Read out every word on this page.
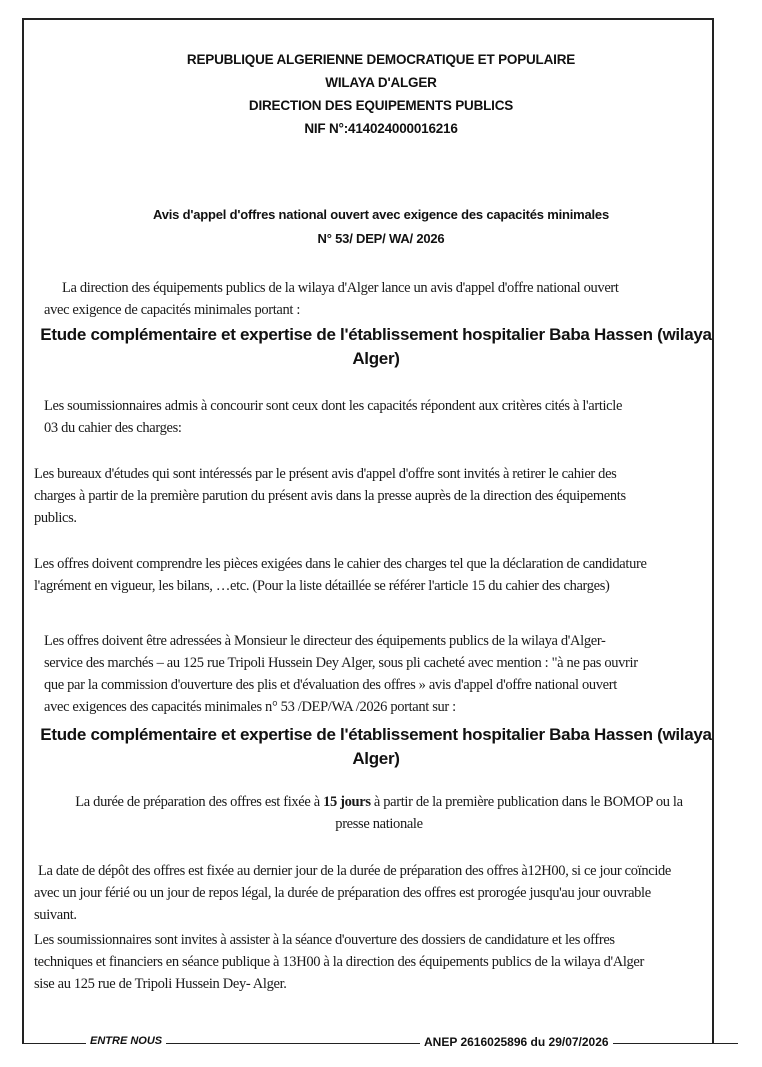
REPUBLIQUE ALGERIENNE DEMOCRATIQUE ET POPULAIRE
WILAYA D'ALGER
DIRECTION DES EQUIPEMENTS PUBLICS
NIF N°:414024000016216
Avis d'appel d'offres national ouvert avec exigence des capacités minimales
N° 53/ DEP/ WA/ 2026
La direction des équipements publics de la wilaya d'Alger lance un avis d'appel d'offre national ouvert
avec exigence de capacités minimales portant :
Etude complémentaire et expertise de l'établissement hospitalier Baba Hassen (wilaya
Alger)
Les soumissionnaires admis à concourir sont ceux dont les capacités répondent aux critères cités à l'article
03 du cahier des charges:
Les bureaux d'études qui sont intéressés par le présent avis d'appel d'offre sont invités à retirer le cahier des
charges à partir de la première parution du présent avis dans la presse auprès de la direction des équipements
publics.
Les offres doivent comprendre les pièces exigées dans le cahier des charges tel que la déclaration de candidature
l'agrément en vigueur, les bilans, …etc. (Pour la liste détaillée se référer l'article 15 du cahier des charges)
Les offres doivent être adressées à Monsieur le directeur des équipements publics de la wilaya d'Alger-
service des marchés – au 125 rue Tripoli Hussein Dey Alger, sous pli cacheté avec mention : "à ne pas ouvrir
que par la commission d'ouverture des plis et d'évaluation des offres » avis d'appel d'offre national ouvert
avec exigences des capacités minimales n° 53 /DEP/WA /2026 portant sur :
Etude complémentaire et expertise de l'établissement hospitalier Baba Hassen (wilaya
Alger)
La durée de préparation des offres est fixée à 15 jours à partir de la première publication dans le BOMOP ou la
presse nationale
La date de dépôt des offres est fixée au dernier jour de la durée de préparation des offres à12H00, si ce jour coïncide
avec un jour férié ou un jour de repos légal, la durée de préparation des offres est prorogée jusqu'au jour ouvrable
suivant.
Les soumissionnaires sont invites à assister à la séance d'ouverture des dossiers de candidature et les offres
techniques et financiers en séance publique à 13H00 à la direction des équipements publics de la wilaya d'Alger
sise au 125 rue de Tripoli Hussein Dey- Alger.
ENTRE NOUS	ANEP 2616025896 du 29/07/2026
